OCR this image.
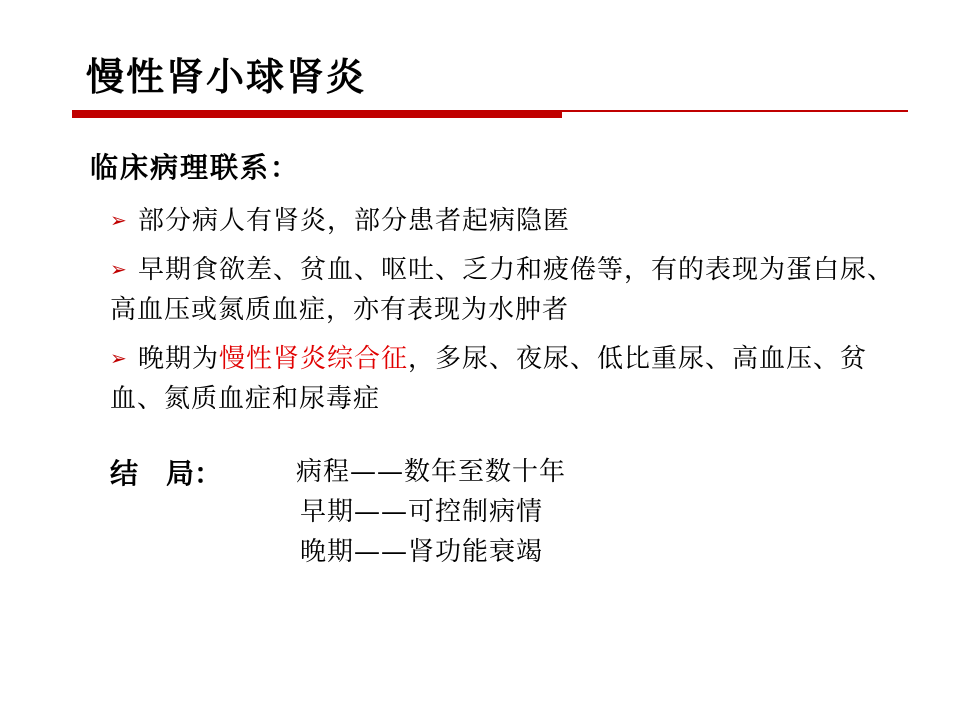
慢性肾小球肾炎
临床病理联系：
➢ 部分病人有肾炎，部分患者起病隐匿
➢ 早期食欲差、贫血、呕吐、乏力和疲倦等，有的表现为蛋白尿、高血压或氮质血症，亦有表现为水肿者
➢ 晚期为慢性肾炎综合征，多尿、夜尿、低比重尿、高血压、贫血、氮质血症和尿毒症
结　局：	病程——数年至数十年
早期——可控制病情
晚期——肾功能衰竭
